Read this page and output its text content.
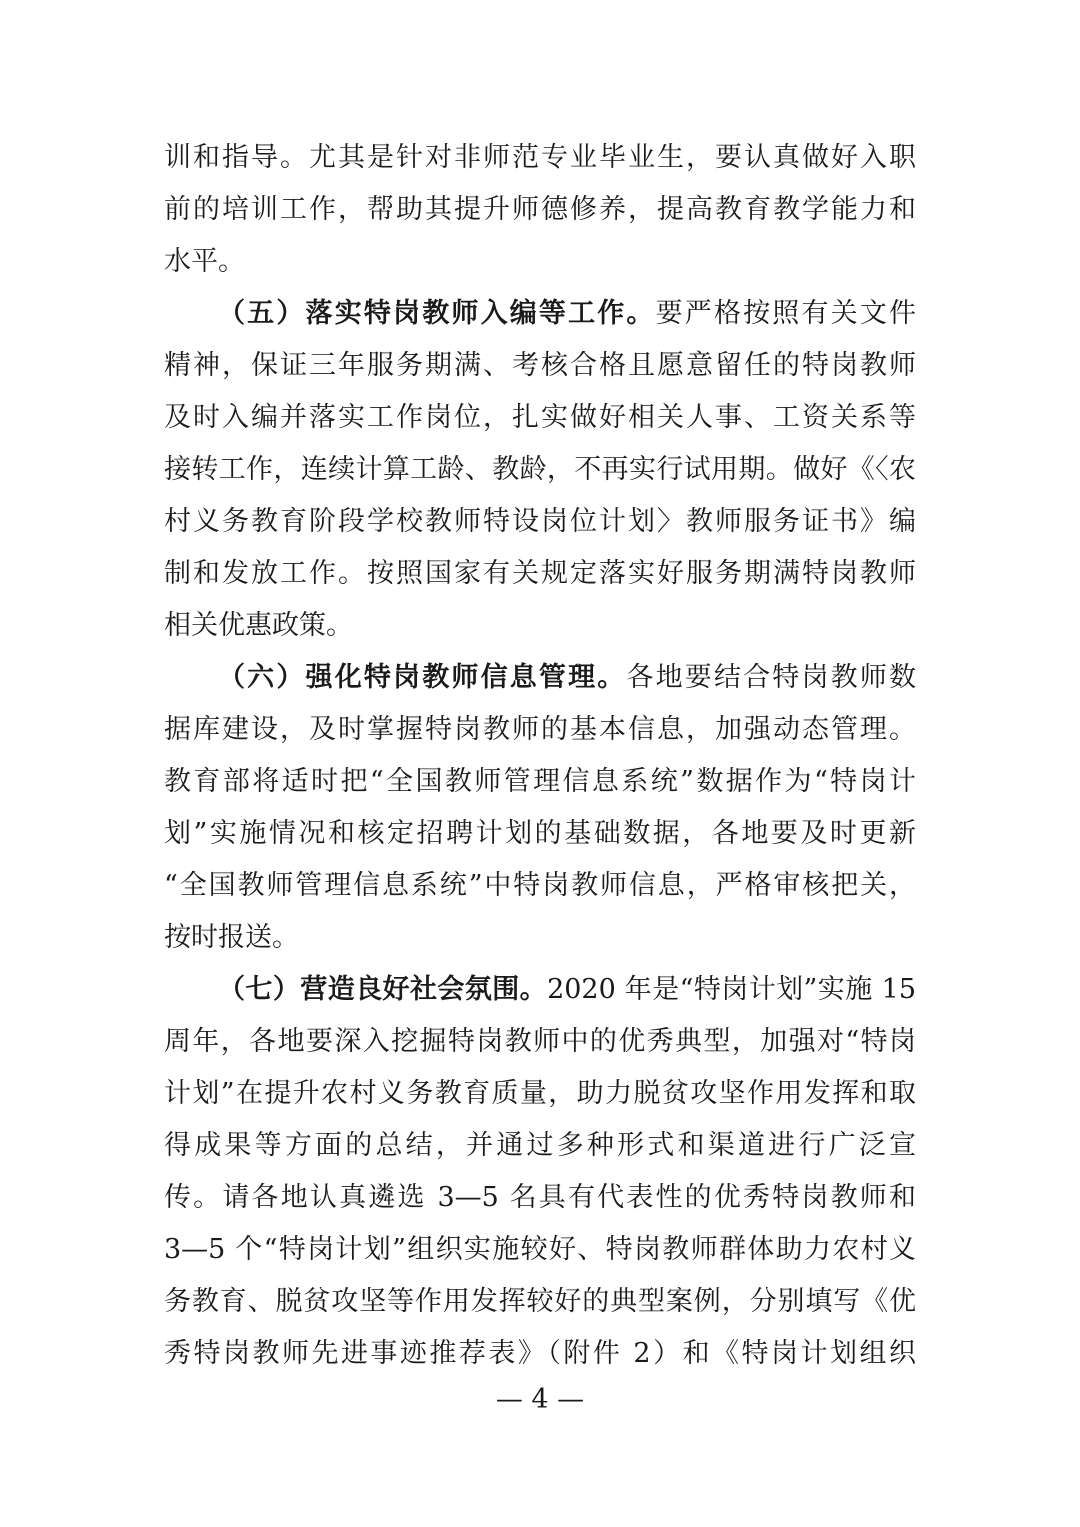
训和指导。尤其是针对非师范专业毕业生，要认真做好入职
前的培训工作，帮助其提升师德修养，提高教育教学能力和
水平。
（五）落实特岗教师入编等工作。要严格按照有关文件
精神，保证三年服务期满、考核合格且愿意留任的特岗教师
及时入编并落实工作岗位，扎实做好相关人事、工资关系等
接转工作，连续计算工龄、教龄，不再实行试用期。做好《〈农
村义务教育阶段学校教师特设岗位计划〉教师服务证书》编
制和发放工作。按照国家有关规定落实好服务期满特岗教师
相关优惠政策。
（六）强化特岗教师信息管理。各地要结合特岗教师数
据库建设，及时掌握特岗教师的基本信息，加强动态管理。
教育部将适时把“全国教师管理信息系统”数据作为“特岗计
划”实施情况和核定招聘计划的基础数据，各地要及时更新
“全国教师管理信息系统”中特岗教师信息，严格审核把关，
按时报送。
（七）营造良好社会氛围。2020 年是“特岗计划”实施 15
周年，各地要深入挖掘特岗教师中的优秀典型，加强对“特岗
计划”在提升农村义务教育质量，助力脱贫攻坚作用发挥和取
得成果等方面的总结，并通过多种形式和渠道进行广泛宣
传。请各地认真遴选 3—5 名具有代表性的优秀特岗教师和
3—5 个“特岗计划”组织实施较好、特岗教师群体助力农村义
务教育、脱贫攻坚等作用发挥较好的典型案例，分别填写《优
秀特岗教师先进事迹推荐表》（附件 2）和《特岗计划组织
— 4 —
